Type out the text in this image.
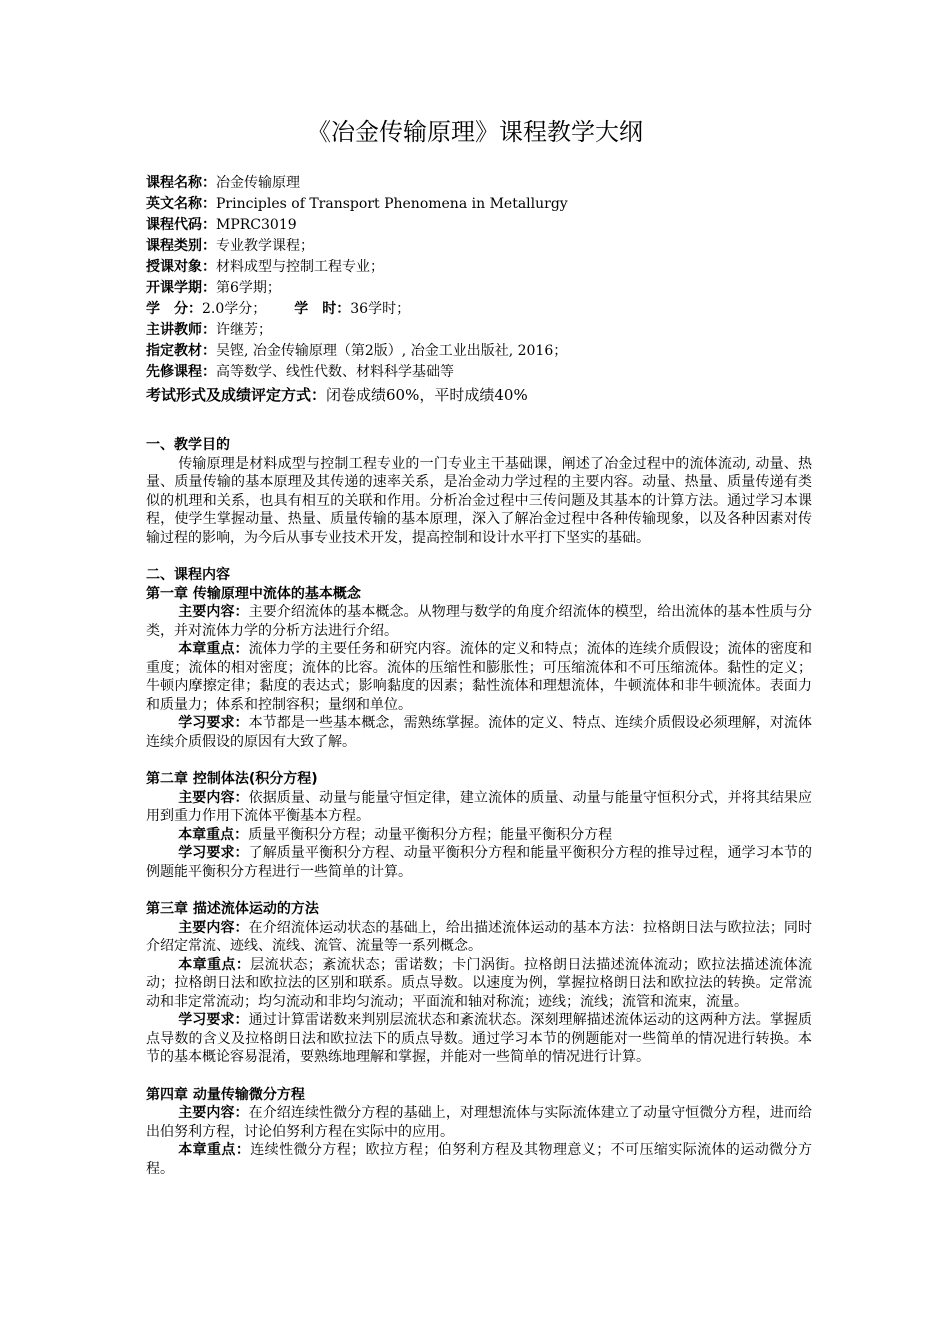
《冶金传输原理》课程教学大纲
课程名称：冶金传输原理
英文名称：Principles of Transport Phenomena in Metallurgy
课程代码：MPRC3019
课程类别：专业教学课程；
授课对象：材料成型与控制工程专业；
开课学期：第6学期；
学　分：2.0学分； 学　时：36学时；
主讲教师：许继芳；
指定教材：吴铿, 冶金传输原理（第2版）, 冶金工业出版社, 2016；
先修课程：高等数学、线性代数、材料科学基础等
考试形式及成绩评定方式：闭卷成绩60%，平时成绩40%
一、教学目的

传输原理是材料成型与控制工程专业的一门专业主干基础课，阐述了冶金过程中的流体流动, 动量、热量、质量传输的基本原理及其传递的速率关系，是冶金动力学过程的主要内容。动量、热量、质量传递有类似的机理和关系，也具有相互的关联和作用。分析冶金过程中三传问题及其基本的计算方法。通过学习本课程，使学生掌握动量、热量、质量传输的基本原理，深入了解冶金过程中各种传输现象，以及各种因素对传输过程的影响，为今后从事专业技术开发，提高控制和设计水平打下坚实的基础。

二、课程内容
第一章 传输原理中流体的基本概念

主要内容：主要介绍流体的基本概念。从物理与数学的角度介绍流体的模型，给出流体的基本性质与分类，并对流体力学的分析方法进行介绍。

本章重点：流体力学的主要任务和研究内容。流体的定义和特点；流体的连续介质假设；流体的密度和重度；流体的相对密度；流体的比容。流体的压缩性和膨胀性；可压缩流体和不可压缩流体。黏性的定义；牛顿内摩擦定律；黏度的表达式；影响黏度的因素；黏性流体和理想流体，牛顿流体和非牛顿流体。表面力和质量力；体系和控制容积；量纲和单位。

学习要求：本节都是一些基本概念，需熟练掌握。流体的定义、特点、连续介质假设必须理解，对流体连续介质假设的原因有大致了解。

第二章 控制体法(积分方程)

主要内容：依据质量、动量与能量守恒定律，建立流体的质量、动量与能量守恒积分式，并将其结果应用到重力作用下流体平衡基本方程。

本章重点：质量平衡积分方程；动量平衡积分方程；能量平衡积分方程

学习要求：了解质量平衡积分方程、动量平衡积分方程和能量平衡积分方程的推导过程，通学习本节的例题能平衡积分方程进行一些简单的计算。

第三章 描述流体运动的方法

主要内容：在介绍流体运动状态的基础上，给出描述流体运动的基本方法：拉格朗日法与欧拉法；同时介绍定常流、迹线、流线、流管、流量等一系列概念。

本章重点：层流状态；紊流状态；雷诺数；卡门涡街。拉格朗日法描述流体流动；欧拉法描述流体流动；拉格朗日法和欧拉法的区别和联系。质点导数。以速度为例，掌握拉格朗日法和欧拉法的转换。定常流动和非定常流动；均匀流动和非均匀流动；平面流和轴对称流；迹线；流线；流管和流束，流量。

学习要求：通过计算雷诺数来判别层流状态和紊流状态。深刻理解描述流体运动的这两种方法。掌握质点导数的含义及拉格朗日法和欧拉法下的质点导数。通过学习本节的例题能对一些简单的情况进行转换。本节的基本概论容易混淆，要熟练地理解和掌握，并能对一些简单的情况进行计算。

第四章 动量传输微分方程

主要内容：在介绍连续性微分方程的基础上，对理想流体与实际流体建立了动量守恒微分方程，进而给出伯努利方程，讨论伯努利方程在实际中的应用。

本章重点：连续性微分方程；欧拉方程；伯努利方程及其物理意义；不可压缩实际流体的运动微分方程。
